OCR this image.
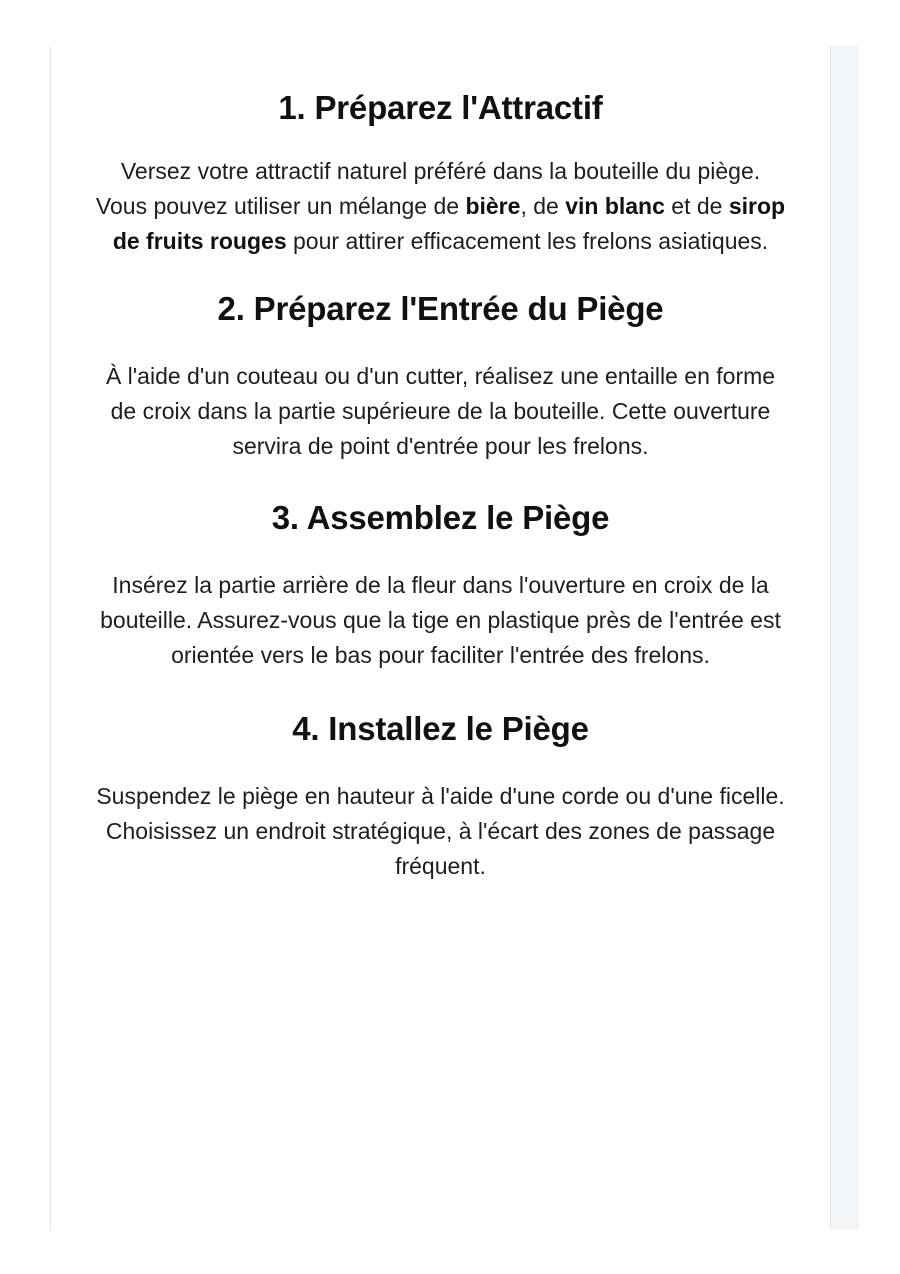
1. Préparez l'Attractif

Versez votre attractif naturel préféré dans la bouteille du piège. Vous pouvez utiliser un mélange de bière, de vin blanc et de sirop de fruits rouges pour attirer efficacement les frelons asiatiques.

2. Préparez l'Entrée du Piège

À l'aide d'un couteau ou d'un cutter, réalisez une entaille en forme de croix dans la partie supérieure de la bouteille. Cette ouverture servira de point d'entrée pour les frelons.

3. Assemblez le Piège

Insérez la partie arrière de la fleur dans l'ouverture en croix de la bouteille. Assurez-vous que la tige en plastique près de l'entrée est orientée vers le bas pour faciliter l'entrée des frelons.

4. Installez le Piège

Suspendez le piège en hauteur à l'aide d'une corde ou d'une ficelle. Choisissez un endroit stratégique, à l'écart des zones de passage fréquent.
